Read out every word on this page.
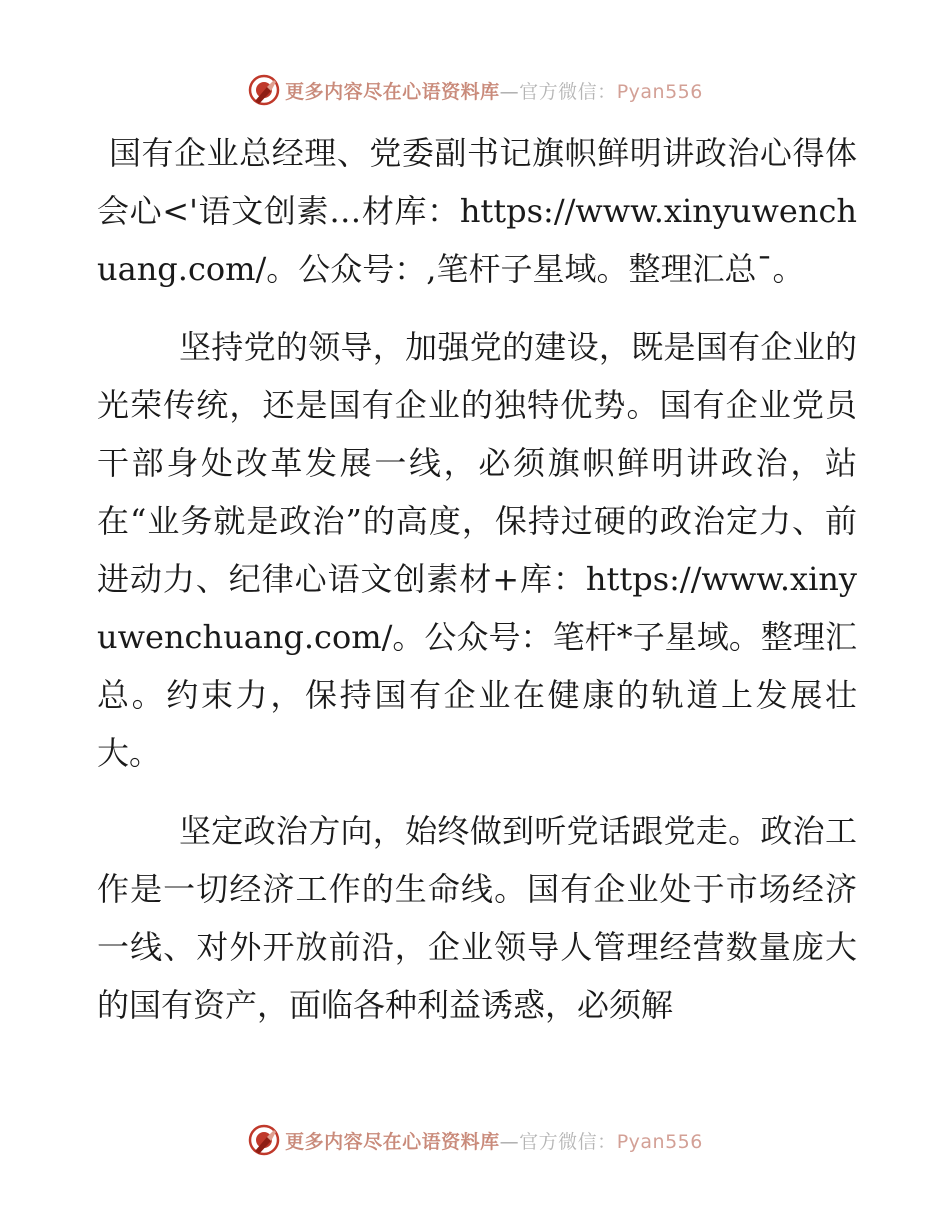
更多内容尽在心语资料库—官方微信：Pyan556

国有企业总经理、党委副书记旗帜鲜明讲政治心得体会心<'语文创素…材库：https://www.xinyuwenchuang.com/。公众号：,笔杆子星域。整理汇总¯。

坚持党的领导，加强党的建设，既是国有企业的光荣传统，还是国有企业的独特优势。国有企业党员干部身处改革发展一线，必须旗帜鲜明讲政治，站在“业务就是政治”的高度，保持过硬的政治定力、前进动力、纪律心语文创素材+库：https://www.xinyuwenchuang.com/。公众号：笔杆*子星域。整理汇总。约束力，保持国有企业在健康的轨道上发展壮大。

坚定政治方向，始终做到听党话跟党走。政治工作是一切经济工作的生命线。国有企业处于市场经济一线、对外开放前沿，企业领导人管理经营数量庞大的国有资产，面临各种利益诱惑，必须解

更多内容尽在心语资料库—官方微信：Pyan556
